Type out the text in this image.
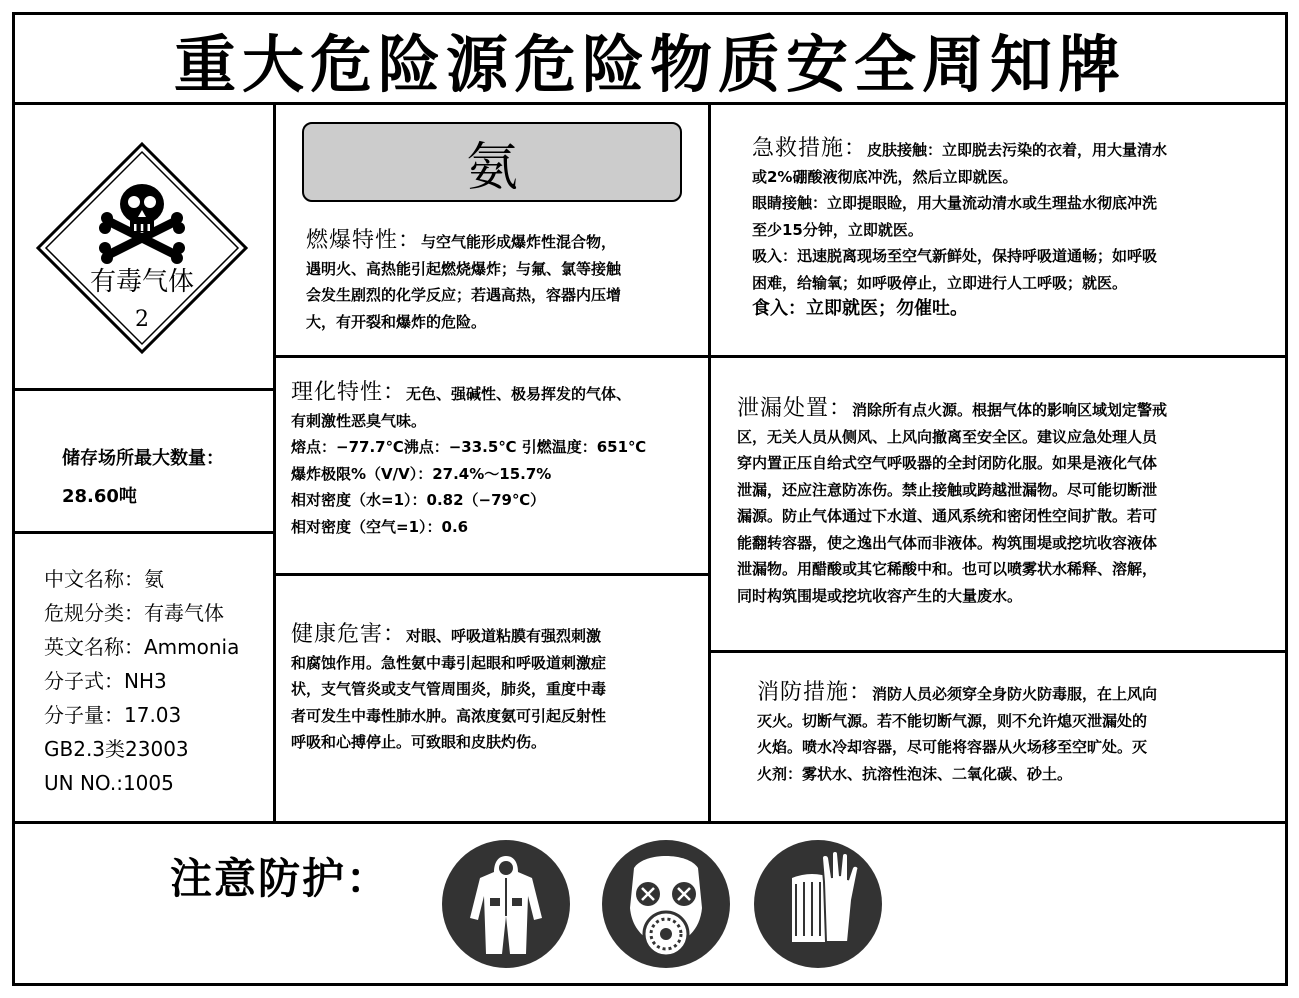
重大危险源危险物质安全周知牌
有毒气体
2
储存场所最大数量：
28.60吨
中文名称：氨
危规分类：有毒气体
英文名称：Ammonia
分子式：NH3
分子量：17.03
GB2.3类23003
UN NO.:1005
氨
燃爆特性：与空气能形成爆炸性混合物，
遇明火、高热能引起燃烧爆炸；与氟、氯等接触
会发生剧烈的化学反应；若遇高热，容器内压增
大，有开裂和爆炸的危险。
理化特性：无色、强碱性、极易挥发的气体、
有刺激性恶臭气味。
熔点：−77.7℃沸点：−33.5℃ 引燃温度：651℃
爆炸极限%（V/V）：27.4%～15.7%
相对密度（水=1）：0.82（−79℃）
相对密度（空气=1）：0.6
健康危害：对眼、呼吸道粘膜有强烈刺激
和腐蚀作用。急性氨中毒引起眼和呼吸道刺激症
状，支气管炎或支气管周围炎，肺炎，重度中毒
者可发生中毒性肺水肿。高浓度氨可引起反射性
呼吸和心搏停止。可致眼和皮肤灼伤。
急救措施：皮肤接触：立即脱去污染的衣着，用大量清水
或2%硼酸液彻底冲洗，然后立即就医。
眼睛接触：立即提眼睑，用大量流动清水或生理盐水彻底冲洗
至少15分钟，立即就医。
吸入：迅速脱离现场至空气新鲜处，保持呼吸道通畅；如呼吸
困难，给输氧；如呼吸停止，立即进行人工呼吸；就医。
食入：立即就医；勿催吐。
泄漏处置：消除所有点火源。根据气体的影响区域划定警戒
区，无关人员从侧风、上风向撤离至安全区。建议应急处理人员
穿内置正压自给式空气呼吸器的全封闭防化服。如果是液化气体
泄漏，还应注意防冻伤。禁止接触或跨越泄漏物。尽可能切断泄
漏源。防止气体通过下水道、通风系统和密闭性空间扩散。若可
能翻转容器，使之逸出气体而非液体。构筑围堤或挖坑收容液体
泄漏物。用醋酸或其它稀酸中和。也可以喷雾状水稀释、溶解，
同时构筑围堤或挖坑收容产生的大量废水。
消防措施：消防人员必须穿全身防火防毒服，在上风向
灭火。切断气源。若不能切断气源，则不允许熄灭泄漏处的
火焰。喷水冷却容器，尽可能将容器从火场移至空旷处。灭
火剂：雾状水、抗溶性泡沫、二氧化碳、砂土。
注意防护：
